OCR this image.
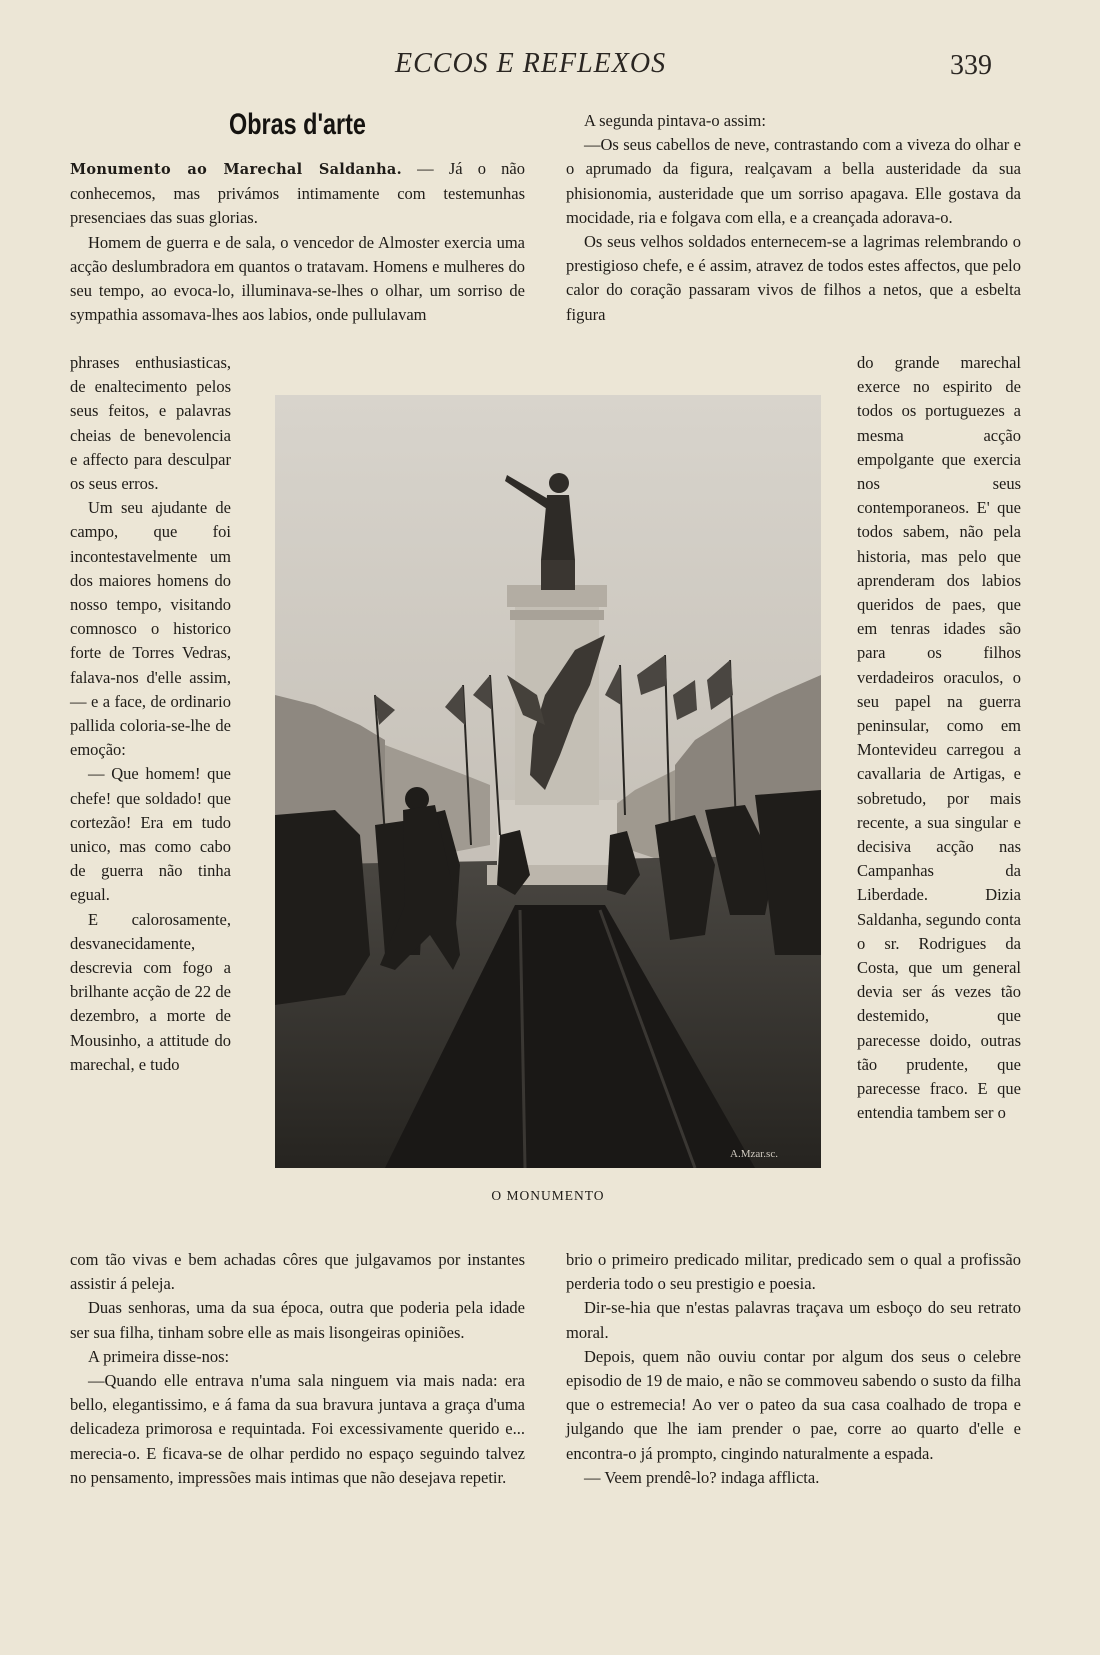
ECCOS E REFLEXOS	339
Obras d'arte

Monumento ao Marechal Saldanha. — Já o não conhecemos, mas privámos intimamente com testemunhas presenciaes das suas glorias.

Homem de guerra e de sala, o vencedor de Almoster exercia uma acção deslumbradora em quantos o tratavam. Homens e mulheres do seu tempo, ao evoca-lo, illuminava-se-lhes o olhar, um sorriso de sympathia assomava-lhes aos labios, onde pullulavam

phrases enthusiasticas, de enaltecimento pelos seus feitos, e palavras cheias de benevolencia e affecto para desculpar os seus erros.

Um seu ajudante de campo, que foi incontestavelmente um dos maiores homens do nosso tempo, visitando comnosco o historico forte de Torres Vedras, falava-nos d'elle assim, — e a face, de ordinario pallida coloria-se-lhe de emoção:

— Que homem! que chefe! que soldado! que cortezão! Era em tudo unico, mas como cabo de guerra não tinha egual.

E calorosamente, desvanecidamente, descrevia com fogo a brilhante acção de 22 de dezembro, a morte de Mousinho, a attitude do marechal, e tudo

com tão vivas e bem achadas côres que julgavamos por instantes assistir á peleja.

Duas senhoras, uma da sua época, outra que poderia pela idade ser sua filha, tinham sobre elle as mais lisongeiras opiniões.

A primeira disse-nos:

—Quando elle entrava n'uma sala ninguem via mais nada: era bello, elegantissimo, e á fama da sua bravura juntava a graça d'uma delicadeza primorosa e requintada. Foi excessivamente querido e... merecia-o. E ficava-se de olhar perdido no espaço seguindo talvez no pensamento, impressões mais intimas que não desejava repetir.

A segunda pintava-o assim:

—Os seus cabellos de neve, contrastando com a viveza do olhar e o aprumado da figura, realçavam a bella austeridade da sua phisionomia, austeridade que um sorriso apagava. Elle gostava da mocidade, ria e folgava com ella, e a creançada adorava-o.

Os seus velhos soldados enternecem-se a lagrimas relembrando o prestigioso chefe, e é assim, atravez de todos estes affectos, que pelo calor do coração passaram vivos de filhos a netos, que a esbelta figura

do grande marechal exerce no espirito de todos os portuguezes a mesma acção empolgante que exercia nos seus contemporaneos. E' que todos sabem, não pela historia, mas pelo que aprenderam dos labios queridos de paes, que em tenras idades são para os filhos verdadeiros oraculos, o seu papel na guerra peninsular, como em Montevideu carregou a cavallaria de Artigas, e sobretudo, por mais recente, a sua singular e decisiva acção nas Campanhas da Liberdade. Dizia Saldanha, segundo conta o sr. Rodrigues da Costa, que um general devia ser ás vezes tão destemido, que parecesse doido, outras tão prudente, que parecesse fraco. E que entendia tambem ser o

brio o primeiro predicado militar, predicado sem o qual a profissão perderia todo o seu prestigio e poesia.

Dir-se-hia que n'estas palavras traçava um esboço do seu retrato moral.

Depois, quem não ouviu contar por algum dos seus o celebre episodio de 19 de maio, e não se commoveu sabendo o susto da filha que o estremecia! Ao ver o pateo da sua casa coalhado de tropa e julgando que lhe iam prender o pae, corre ao quarto d'elle e encontra-o já prompto, cingindo naturalmente a espada.

— Veem prendê-lo? indaga afflicta.

A.Mzar.sc.
O MONUMENTO
